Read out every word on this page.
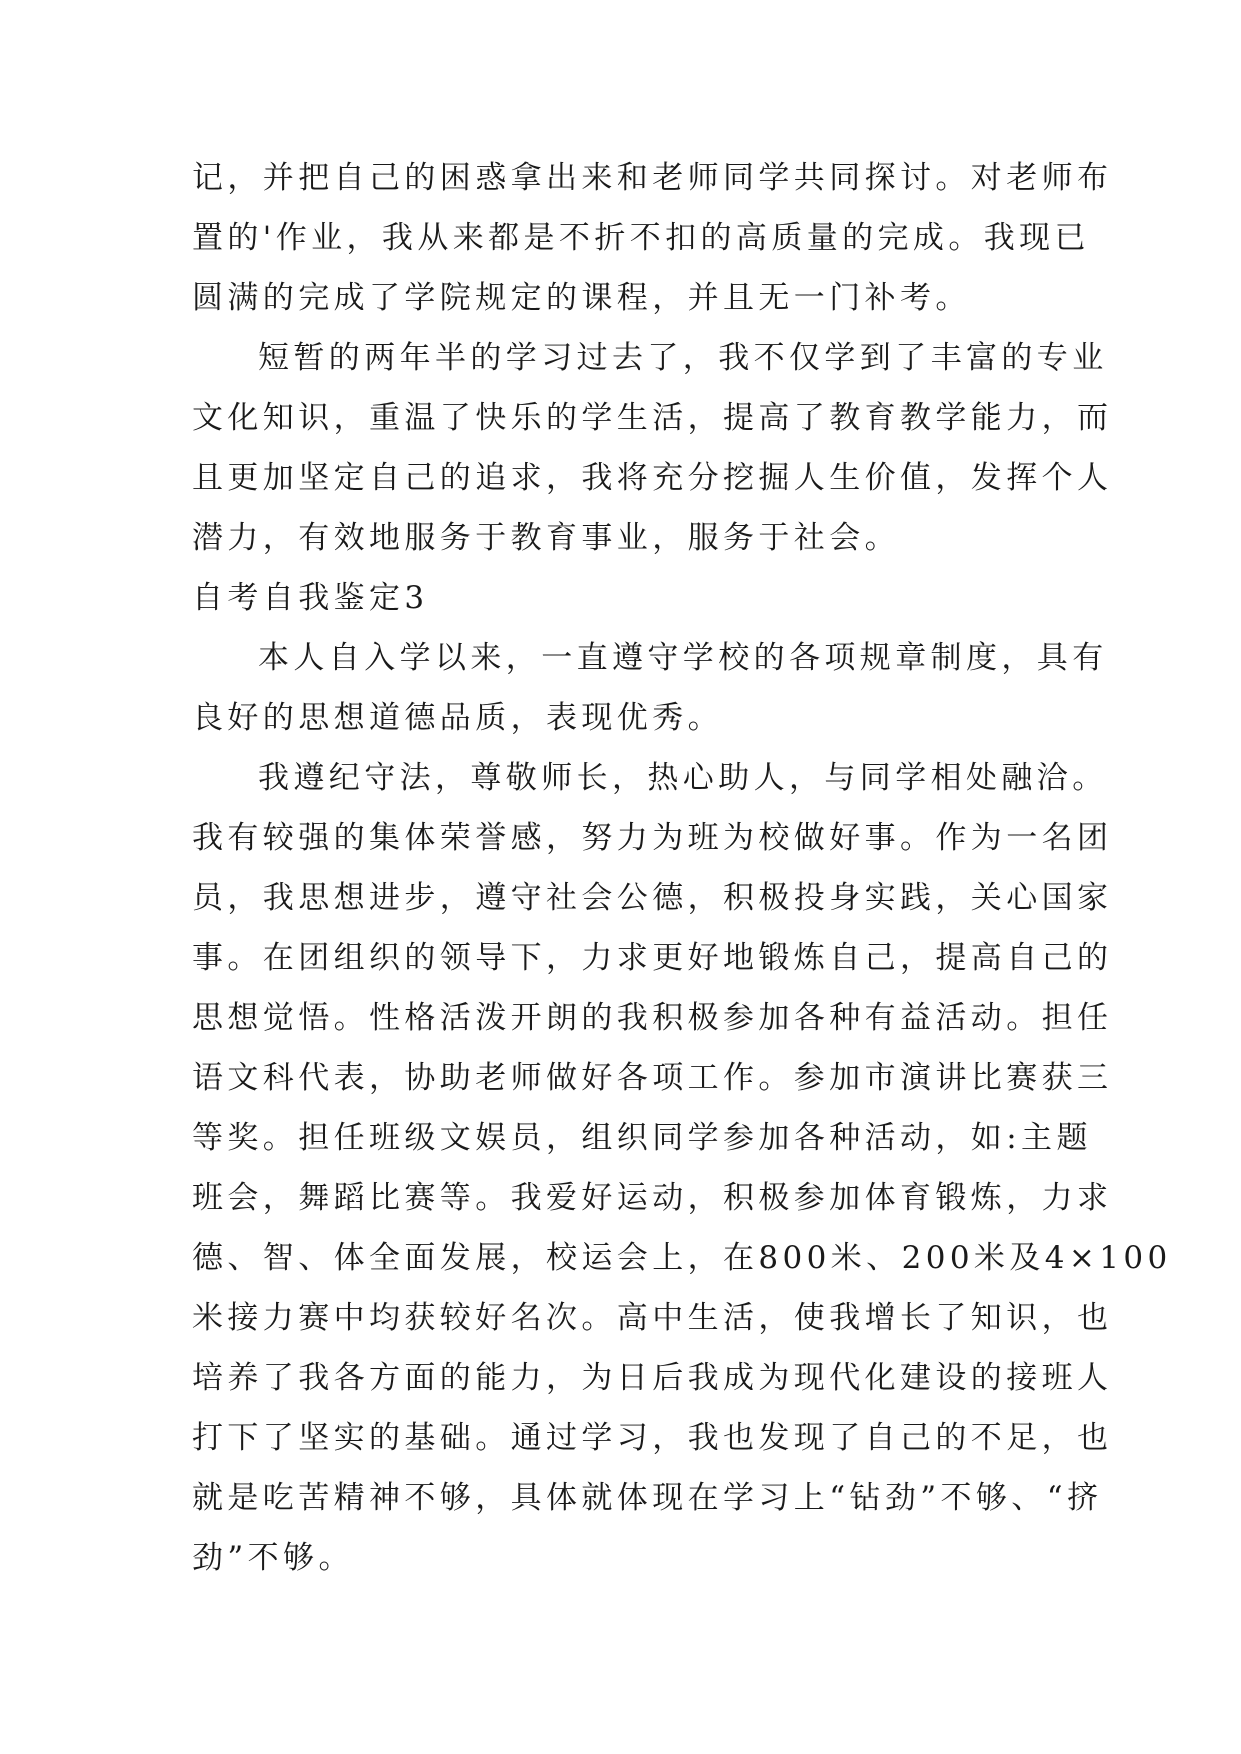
记，并把自己的困惑拿出来和老师同学共同探讨。对老师布
置的'作业，我从来都是不折不扣的高质量的完成。我现已
圆满的完成了学院规定的课程，并且无一门补考。
短暂的两年半的学习过去了，我不仅学到了丰富的专业
文化知识，重温了快乐的学生活，提高了教育教学能力，而
且更加坚定自己的追求，我将充分挖掘人生价值，发挥个人
潜力，有效地服务于教育事业，服务于社会。
自考自我鉴定3
本人自入学以来，一直遵守学校的各项规章制度，具有
良好的思想道德品质，表现优秀。
我遵纪守法，尊敬师长，热心助人，与同学相处融洽。
我有较强的集体荣誉感，努力为班为校做好事。作为一名团
员，我思想进步，遵守社会公德，积极投身实践，关心国家
事。在团组织的领导下，力求更好地锻炼自己，提高自己的
思想觉悟。性格活泼开朗的我积极参加各种有益活动。担任
语文科代表，协助老师做好各项工作。参加市演讲比赛获三
等奖。担任班级文娱员，组织同学参加各种活动，如:主题
班会，舞蹈比赛等。我爱好运动，积极参加体育锻炼，力求
德、智、体全面发展，校运会上，在800米、200米及4×100
米接力赛中均获较好名次。高中生活，使我增长了知识，也
培养了我各方面的能力，为日后我成为现代化建设的接班人
打下了坚实的基础。通过学习，我也发现了自己的不足，也
就是吃苦精神不够，具体就体现在学习上“钻劲”不够、“挤
劲”不够。
